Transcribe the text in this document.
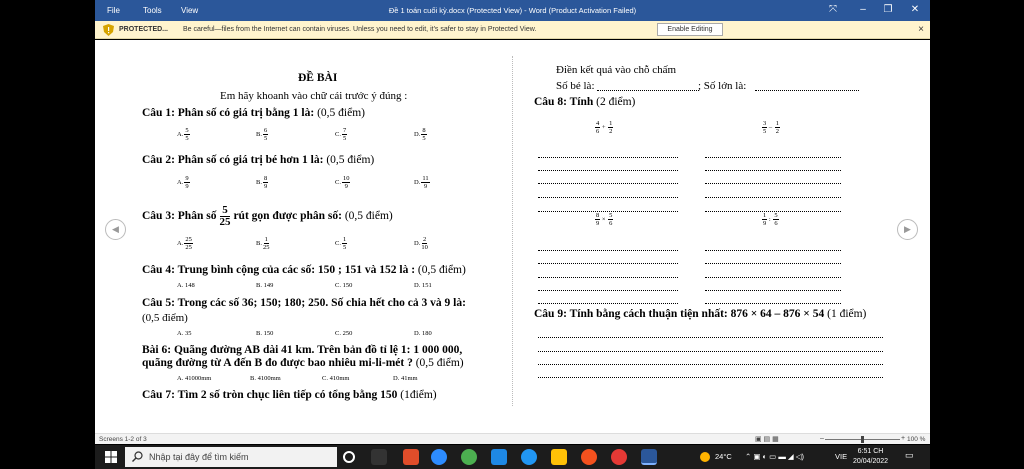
File	Tools View	Đề 1 toán cuối kỳ.docx (Protected View) - Word (Product Activation Failed)	⤧	–	❐	✕
PROTECTED... Be careful—files from the Internet can contain viruses. Unless you need to edit, it's safer to stay in Protected View.	Enable Editing	×
◀	▶
ĐỀ BÀI
Em hãy khoanh vào chữ cái trước ý đúng :
Câu 1: Phân số có giá trị bằng 1 là: (0,5 điểm)
A. $\frac{5}{5}$	B. $\frac{6}{5}$	C. $\frac{7}{5}$	D. $\frac{8}{5}$
Câu 2: Phân số có giá trị bé hơn 1 là: (0,5 điểm)
A. $\frac{9}{9}$	B. $\frac{8}{9}$	C. $\frac{10}{9}$	D. $\frac{11}{9}$
Câu 3: Phân số $\frac{5}{25}$ rút gọn được phân số: (0,5 điểm)
A. $\frac{25}{25}$	B. $\frac{1}{25}$	C. $\frac{1}{5}$	D. $\frac{2}{10}$
Câu 4: Trung bình cộng của các số: 150 ; 151 và 152 là : (0,5 điểm)
A. 148	B. 149	C. 150	D. 151
Câu 5: Trong các số 36; 150; 180; 250. Số chia hết cho cả 3 và 9 là:
(0,5 điểm)
A. 35	B. 150	C. 250	D. 180
Bài 6: Quãng đường AB dài 41 km. Trên bản đồ tỉ lệ 1: 1 000 000,
quãng đường từ A đến B đo được bao nhiêu mi-li-mét ? (0,5 điểm)
A. 41000mm	B. 4100mm	C. 410mm	D. 41mm
Câu 7: Tìm 2 số tròn chục liên tiếp có tổng bằng 150 (1điểm)
Điền kết quả vào chỗ chấm
Số bé là:	; Số lớn là:
Câu 8: Tính (2 điểm)
$\frac{4}{6} + \frac{1}{2}$	$\frac{3}{5} - \frac{1}{2}$
$\frac{8}{9} \times \frac{5}{6}$	$\frac{1}{9}$ : $\frac{5}{6}$
Câu 9: Tính bằng cách thuận tiện nhất: 876 × 64 – 876 × 54 (1 điểm)
Screens 1-2 of 3	▣ ▤ ▦	–	+ 100 %
Nhập tại đây để tìm kiếm	24°C ⌃ ▣ ◐ ▭ ▬ ◢ ◁)	VIE
6:51 CH
20/04/2022
▭
